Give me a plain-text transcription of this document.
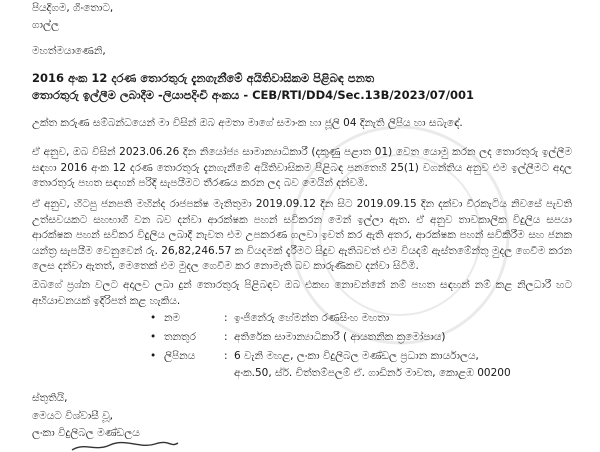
පියදිගම, ගිංතොට,
ගාල්ල
මහත්මයාණෙනි,
2016 අංක 12 දරණ තොරතුරු දැනගැනීමේ අයිතිවාසිකම පිළිබඳ පනත
තොරතුරු ඉල්ලීම ලබාදීම -ලියාපදිංචි අංකය - CEB/RTI/DD4/Sec.13B/2023/07/001
උක්ත කරුණ සම්බන්ධයෙන් මා විසින් ඔබ අමතා මාගේ සමාංක හා ජූලි 04 දිනැති ලිපිය හා සබැඳේ.
ඒ අනුව, ඔබ විසින් 2023.06.26 දින නියෝජ්‍ය සාමාන්‍යාධිකාරී (දකුණු පළාත 01) වෙත යොමු කරන ලද තොරතුරු ඉල්ලීම සඳහා 2016 අංක 12 දරණ තොරතුරු දැනගැනීමේ අයිතිවාසිකම පිළිබඳ පනතෙහි 25(1) වගන්තිය අනුව එම ඉල්ලීමට අදාල තොරතුරු පහත සඳහන් පරිදි සැපයීමට තීරණය කරන ලද බව මෙයින් දන්වමි.
ඒ අනුව, හිටපු ජනපති මහින්ද රාජපක්ෂ මැතිතුමා 2019.09.12 දින සිට 2019.09.15 දින දක්වා වීරකැටිය නිවසේ පැවති උත්සවයකට සහභාගී වන බව දන්වා ආරක්ෂක පහන් සවිකරන මෙන් ඉල්ලා ඇත. ඒ අනුව තාවකාලික විදුලිය සපයා ආරක්ෂක පහන් සවිකර විදුලිය ලබාදී නැවත එම උපකරණ ගලවා ඉවත් කර ඇති අතර, ආරක්ෂක පහන් සවිකිරීම සහ ජනක යන්ත්‍ර සැපයීම වෙනුවෙන් රු. 26,82,246.57 ක වියදමක් දැරීමට සිදුව ඇතිබවත් එම වියදම් ඇස්තමේන්තු මුදල ගෙවීම කරන ලෙස දන්වා ඇතත්, මෙතෙක් එම මුදල ගෙවීම කර නොමැති බව කාරුණිකව දන්වා සිටිමි.
ඔබගේ ප්‍රශ්න වලට අදාලව ලබා දුන් තොරතුරු පිළිබඳව ඔබ එකඟ නොවන්නේ නම් පහත සඳහන් නම් කළ නිලධාරී හට අභියාචනයක් ඉදිරිපත් කළ හැකිය.
• නම	: ඉංජිනේරු හේමන්ත රණසිංහ මහතා
• තනතුර	: අතිරේක සාමාන්‍යාධිකාරී ( ආයතනික ක්‍රමෝපාය)
• ලිපිනය	: 6 වැනි මහළ, ලංකා විදුලිබල මණ්ඩල ප්‍රධාන කාර්යාලය,
අංක.50, ස්ර්. චිත්තම්පලම් ඒ. ගාඩිනර් මාවත, කොළඹ 00200
ස්තුතියි,
මෙයට විශ්වාසී වූ,
ලංකා විදුලිබල මණ්ඩලය
